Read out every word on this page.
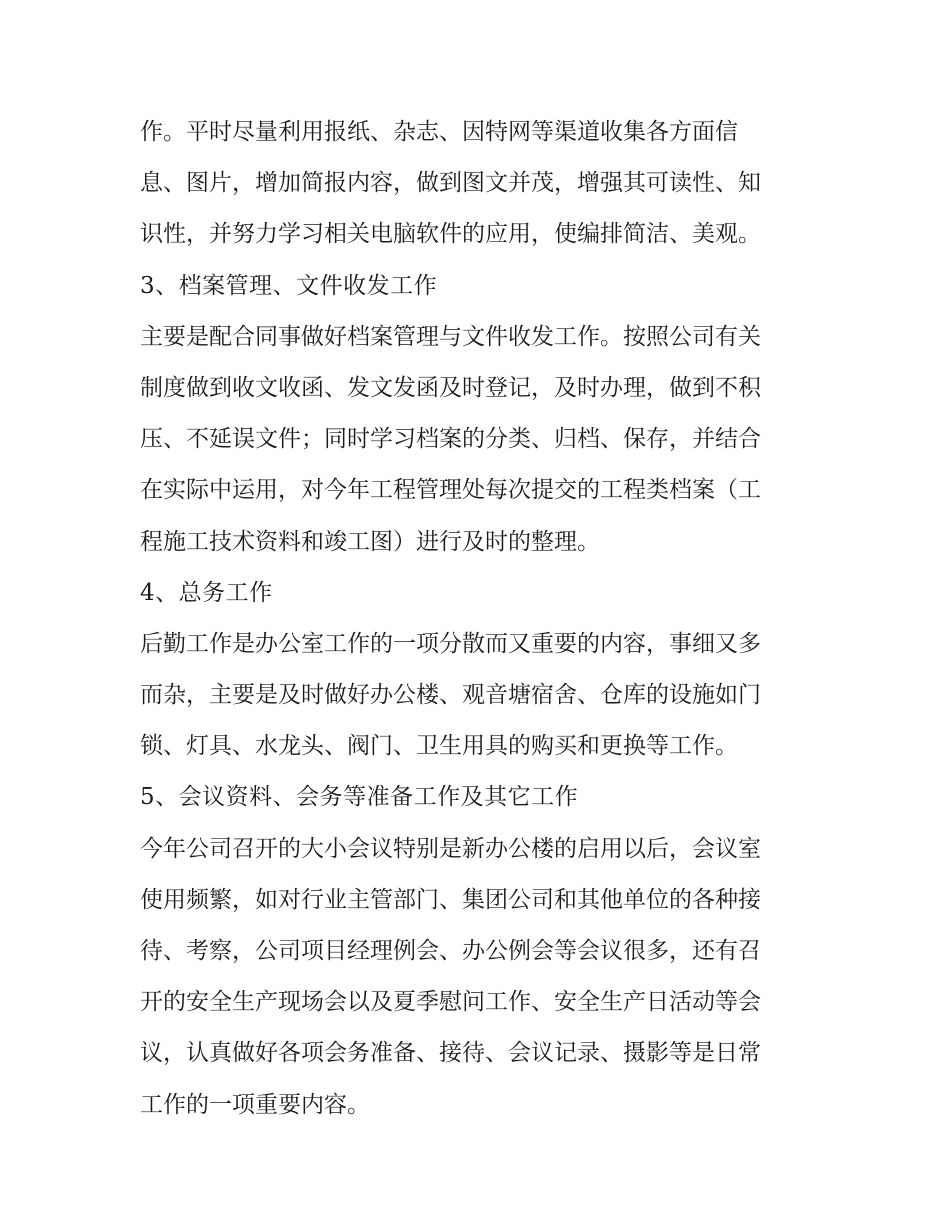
作。平时尽量利用报纸、杂志、因特网等渠道收集各方面信
息、图片，增加简报内容，做到图文并茂，增强其可读性、知
识性，并努力学习相关电脑软件的应用，使编排简洁、美观。
3、档案管理、文件收发工作
主要是配合同事做好档案管理与文件收发工作。按照公司有关
制度做到收文收函、发文发函及时登记，及时办理，做到不积
压、不延误文件；同时学习档案的分类、归档、保存，并结合
在实际中运用，对今年工程管理处每次提交的工程类档案（工
程施工技术资料和竣工图）进行及时的整理。
4、总务工作
后勤工作是办公室工作的一项分散而又重要的内容，事细又多
而杂，主要是及时做好办公楼、观音塘宿舍、仓库的设施如门
锁、灯具、水龙头、阀门、卫生用具的购买和更换等工作。
5、会议资料、会务等准备工作及其它工作
今年公司召开的大小会议特别是新办公楼的启用以后，会议室
使用频繁，如对行业主管部门、集团公司和其他单位的各种接
待、考察，公司项目经理例会、办公例会等会议很多，还有召
开的安全生产现场会以及夏季慰问工作、安全生产日活动等会
议，认真做好各项会务准备、接待、会议记录、摄影等是日常
工作的一项重要内容。
